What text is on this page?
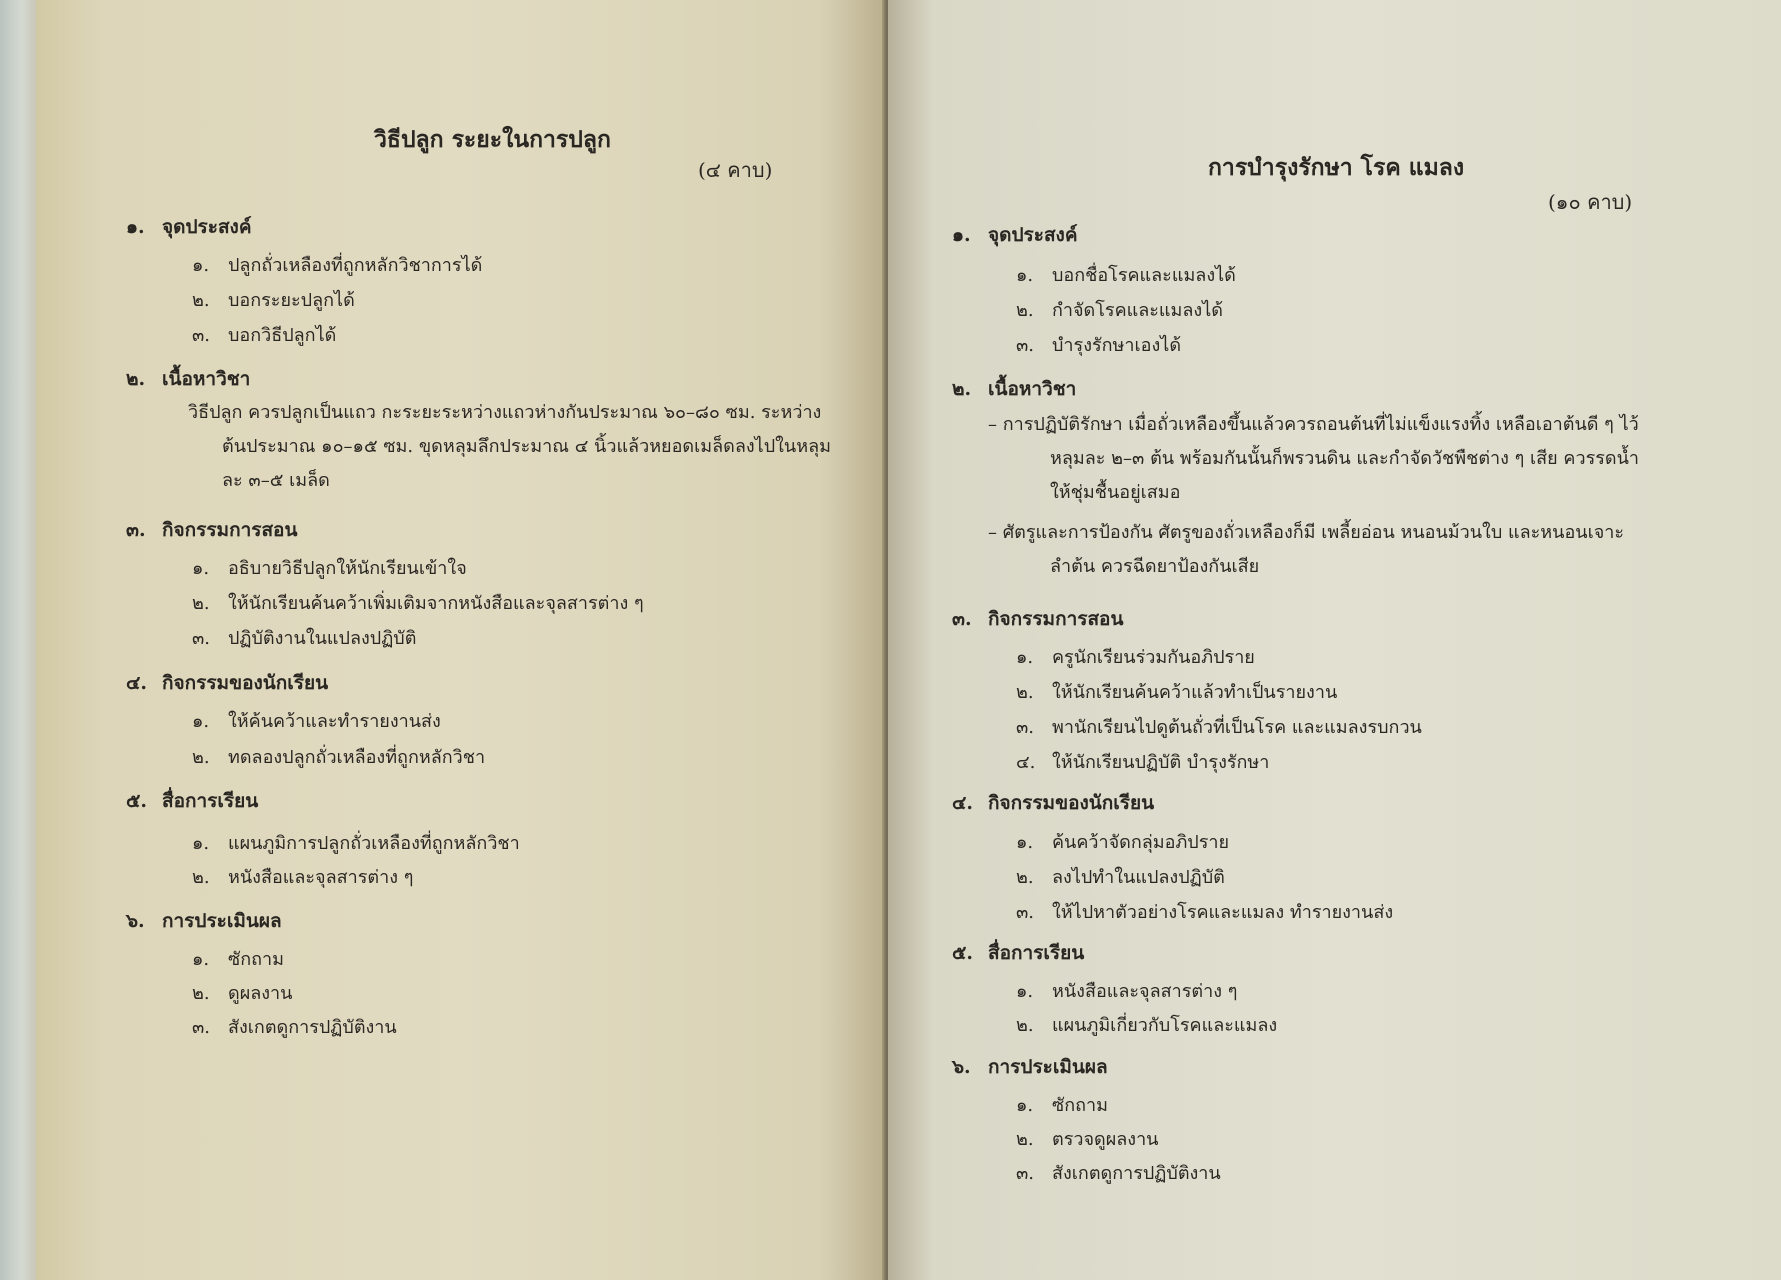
วิธีปลูก ระยะในการปลูก
(๔ คาบ)
๑. จุดประสงค์
๑. ปลูกถั่วเหลืองที่ถูกหลักวิชาการได้
๒. บอกระยะปลูกได้
๓. บอกวิธีปลูกได้
๒. เนื้อหาวิชา
วิธีปลูก ควรปลูกเป็นแถว กะระยะระหว่างแถวห่างกันประมาณ ๖๐–๘๐ ซม. ระหว่าง
ต้นประมาณ ๑๐–๑๕ ซม. ขุดหลุมลึกประมาณ ๔ นิ้วแล้วหยอดเมล็ดลงไปในหลุม
ละ ๓–๕ เมล็ด
๓. กิจกรรมการสอน
๑. อธิบายวิธีปลูกให้นักเรียนเข้าใจ
๒. ให้นักเรียนค้นคว้าเพิ่มเติมจากหนังสือและจุลสารต่าง ๆ
๓. ปฏิบัติงานในแปลงปฏิบัติ
๔. กิจกรรมของนักเรียน
๑. ให้ค้นคว้าและทำรายงานส่ง
๒. ทดลองปลูกถั่วเหลืองที่ถูกหลักวิชา
๕. สื่อการเรียน
๑. แผนภูมิการปลูกถั่วเหลืองที่ถูกหลักวิชา
๒. หนังสือและจุลสารต่าง ๆ
๖. การประเมินผล
๑. ซักถาม
๒. ดูผลงาน
๓. สังเกตดูการปฏิบัติงาน
การบำรุงรักษา โรค แมลง
(๑๐ คาบ)
๑. จุดประสงค์
๑. บอกชื่อโรคและแมลงได้
๒. กำจัดโรคและแมลงได้
๓. บำรุงรักษาเองได้
๒. เนื้อหาวิชา
– การปฏิบัติรักษา เมื่อถั่วเหลืองขึ้นแล้วควรถอนต้นที่ไม่แข็งแรงทิ้ง เหลือเอาต้นดี ๆ ไว้
หลุมละ ๒–๓ ต้น พร้อมกันนั้นก็พรวนดิน และกำจัดวัชพืชต่าง ๆ เสีย ควรรดน้ำ
ให้ชุ่มชื้นอยู่เสมอ
– ศัตรูและการป้องกัน ศัตรูของถั่วเหลืองก็มี เพลี้ยอ่อน หนอนม้วนใบ และหนอนเจาะ
ลำต้น ควรฉีดยาป้องกันเสีย
๓. กิจกรรมการสอน
๑. ครูนักเรียนร่วมกันอภิปราย
๒. ให้นักเรียนค้นคว้าแล้วทำเป็นรายงาน
๓. พานักเรียนไปดูต้นถั่วที่เป็นโรค และแมลงรบกวน
๔. ให้นักเรียนปฏิบัติ บำรุงรักษา
๔. กิจกรรมของนักเรียน
๑. ค้นคว้าจัดกลุ่มอภิปราย
๒. ลงไปทำในแปลงปฏิบัติ
๓. ให้ไปหาตัวอย่างโรคและแมลง ทำรายงานส่ง
๕. สื่อการเรียน
๑. หนังสือและจุลสารต่าง ๆ
๒. แผนภูมิเกี่ยวกับโรคและแมลง
๖. การประเมินผล
๑. ซักถาม
๒. ตรวจดูผลงาน
๓. สังเกตดูการปฏิบัติงาน
